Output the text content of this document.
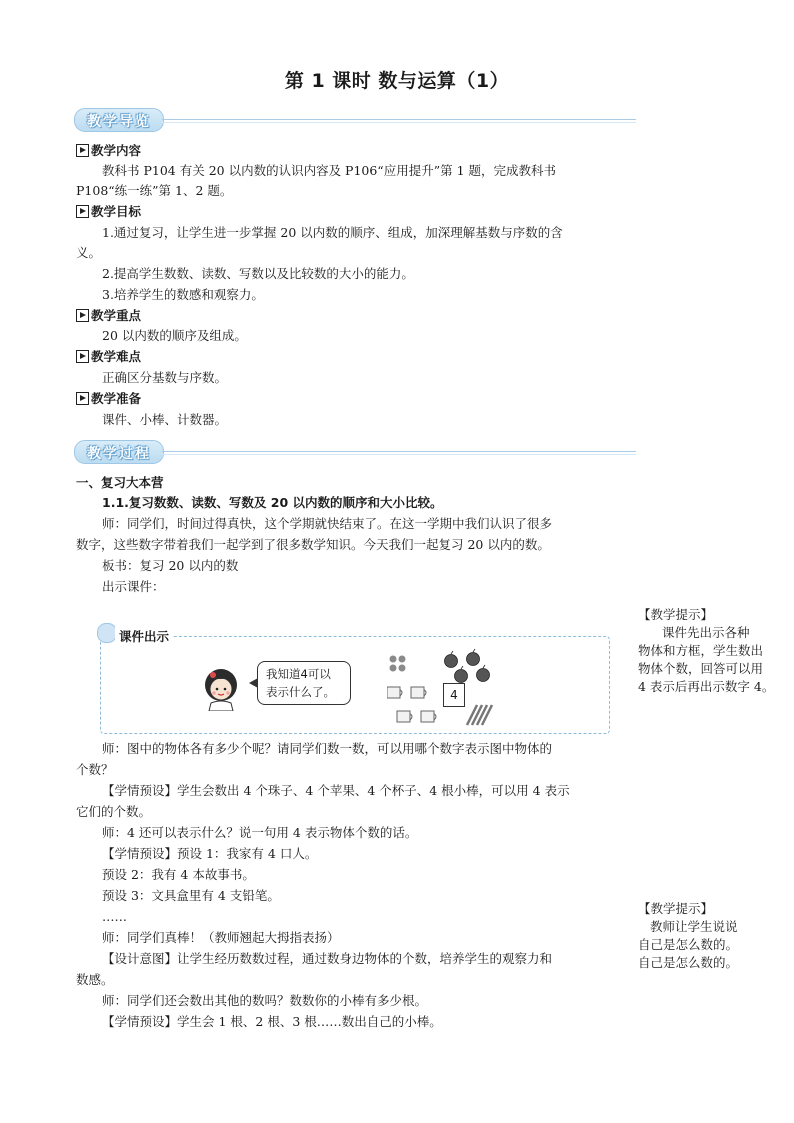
第 1 课时 数与运算（1）
教学导览
教学内容
教科书 P104 有关 20 以内数的认识内容及 P106“应用提升”第 1 题，完成教科书
P108“练一练”第 1、2 题。
教学目标
1.通过复习，让学生进一步掌握 20 以内数的顺序、组成，加深理解基数与序数的含
义。
2.提高学生数数、读数、写数以及比较数的大小的能力。
3.培养学生的数感和观察力。
教学重点
20 以内数的顺序及组成。
教学难点
正确区分基数与序数。
教学准备
课件、小棒、计数器。
教学过程
一、复习大本营
1.1.复习数数、读数、写数及 20 以内数的顺序和大小比较。
师：同学们，时间过得真快，这个学期就快结束了。在这一学期中我们认识了很多
数字，这些数字带着我们一起学到了很多数学知识。今天我们一起复习 20 以内的数。
板书：复习 20 以内的数
出示课件：
课件出示
我知道4可以
表示什么了。	4
师：图中的物体各有多少个呢？请同学们数一数，可以用哪个数字表示图中物体的
个数？
【学情预设】学生会数出 4 个珠子、4 个苹果、4 个杯子、4 根小棒，可以用 4 表示
它们的个数。
师：4 还可以表示什么？说一句用 4 表示物体个数的话。
【学情预设】预设 1：我家有 4 口人。
预设 2：我有 4 本故事书。
预设 3：文具盒里有 4 支铅笔。
……
师：同学们真棒！（教师翘起大拇指表扬）
【设计意图】让学生经历数数过程，通过数身边物体的个数，培养学生的观察力和
数感。
师：同学们还会数出其他的数吗？数数你的小棒有多少根。
【学情预设】学生会 1 根、2 根、3 根……数出自己的小棒。
【教学提示】
课件先出示各种
物体和方框，学生数出
物体个数，回答可以用
4 表示后再出示数字 4。
【教学提示】
教师让学生说说
自己是怎么数的。
自己是怎么数的。
